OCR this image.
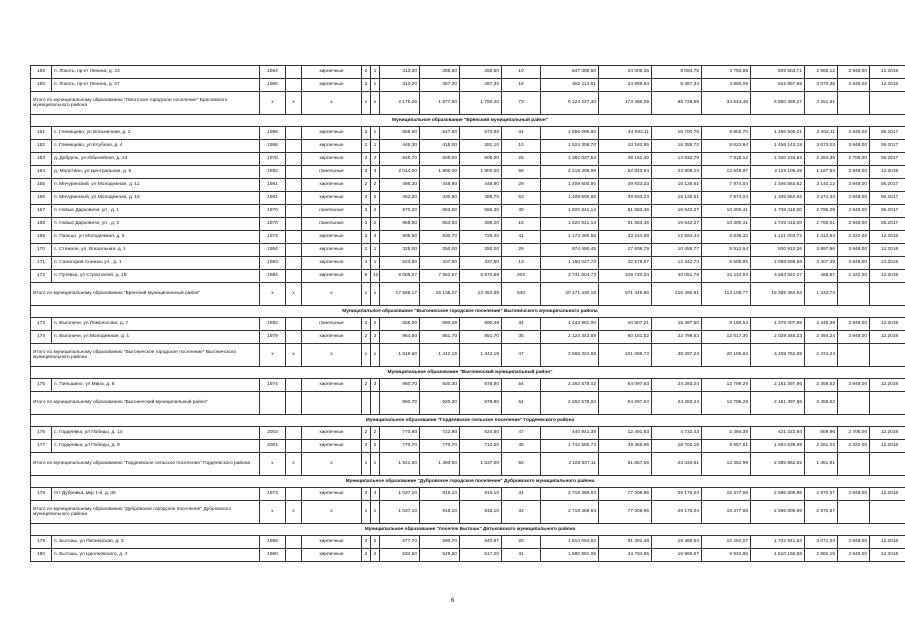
159	п. Локоть, пр-кт Ленина, д. 43	1964		кирпичные	2	1	313,30	285,50	285,50	10	847 398,50	24 006,35	9 094,75	4 793,69	809 503,71	2 968,12	3 948,00	12.2016
160	п. Локоть, пр-кт Ленина, д. 47	1960		кирпичные	2	1	313,00	287,30	287,30	16	882 114,91	24 989,84	9 467,34	4 990,09	842 667,65	3 070,36	3 948,00	12.2016
Итого по муниципальному образованию "Локотское городское поселение" Брасовского муниципального района		x	x	x	x	x	2 175,26	1 877,50	1 750,40	73	6 124 227,40	173 496,09	65 728,59	34 644,45	5 850 358,27	3 261,91		
Муниципальное образование "Брянский муниципальный район"																		
161	с. Глинищево, ул Больничная, д. 2	1966		кирпичные	2	1	659,50	647,80	573,90	34	1 556 086,80	44 083,11	16 700,78	8 802,70	1 486 500,21	2 402,11	3 948,00	06.2017
162	с. Глинищево, ул Клубная, д. 4	1956		кирпичные	2	1	446,30	415,00	281,10	10	1 524 308,70	43 182,85	16 359,72	8 622,94	1 456 143,19	3 673,03	3 948,00	06.2017
163	д. Добрунь, ул Юбилейная, д. 13	1978		кирпичные	2	2	645,70	605,00	605,00	25	1 382 037,53	39 152,40	14 832,79	7 818,12	1 320 234,62	2 284,36	2 706,00	06.2017
164	д. Молотино, ул Центральная, д. 5	1982		панельные	3	3	2 014,00	1 900,00	1 900,00	58	2 218 308,99	62 843,54	23 808,13	12 548,87	2 119 109,45	1 167,53	3 948,00	12.2016
165	п. Мичуринский, ул Молодежная, д. 11	1961		кирпичные	2	2	498,30	448,90	448,90	29	1 409 600,50	39 933,23	15 128,61	7 974,04	1 346 564,62	3 140,12	3 948,00	06.2017
166	п. Мичуринский, ул Молодежная, д. 15	1961		кирпичные	2	2	482,20	430,50	385,70	53	1 409 600,50	39 933,23	15 128,61	7 974,04	1 346 564,62	3 274,33	3 948,00	06.2017
167	п. Новые Дарковичи, ул , д. 1	1970		панельные	3	2	970,20	653,50	556,30	30	1 820 841,14	51 583,46	19 542,27	10 300,41	1 739 415,00	2 786,29	3 948,00	06.2017
168	п. Новые Дарковичи, ул , д. 2	1970		панельные	3	2	969,50	653,80	396,20	15	1 820 841,14	51 583,46	19 542,27	10 300,41	1 739 415,00	2 785,01	3 948,00	06.2017
169	п. Пальцо, ул Молодежная, д. 5	1973		кирпичные	2	3	905,50	830,70	728,40	41	1 173 480,56	33 244,08	12 594,44	6 638,32	1 121 003,72	1 412,64	2 322,00	12.2016
170	с. Стяжное, ул. Вокзальная, д. 1	1954		кирпичные	2	1	325,00	250,00	250,00	29	974 490,45	27 606,79	10 458,77	5 512,64	930 912,26	3 897,96	3 948,00	12.2016
171	п. Санаторий Снежка, ул , д. 1	1983		кирпичные	4	1	623,60	337,50	337,50	13	1 150 027,73	32 579,67	12 342,73	6 505,65	1 098 599,68	3 407,49	3 948,00	12.2016
172	п. Путевка, ул Строителей, д. 15	1984		кирпичные	5	12	9 005,37	7 962,57	6 970,69	202	3 731 604,73	105 720,04	40 051,79	21 110,63	3 564 922,27	468,67	2 322,00	12.2016
Итого по муниципальному образованию "Брянский муниципальный район"		x	x	x	x	x	17 585,17	15 135,27	13 453,69	640	20 171 430,18	571 445,86	216 490,91	114 108,77	19 269 384,64	1 332,74		
Муниципальное образование "Выгоничское городское поселение" Выгоничского муниципального района																		
173	п. Выгоничи, ул Ломоносова, д. 7	1982		панельные	2	2	655,00	590,49	590,49	34	1 443 981,00	40 907,21	15 497,60	8 168,53	1 379 407,66	2 445,39	3 948,00	12.2016
174	п. Выгоничи, ул Молодежная, д. 1	1979		кирпичные	2	3	964,60	851,70	851,70	35	2 124 343,68	60 181,52	22 799,63	12 017,30	2 029 345,23	2 494,24	3 948,00	12.2016
Итого по муниципальному образованию "Выгоничское городское поселение" Выгоничского муниципального района		x	x	x	x	x	1 619,60	1 442,19	1 442,19	47	3 568 324,68	101 088,73	38 297,23	20 185,83	3 408 752,89	2 474,24		
Муниципальное образование "Выгоничский муниципальный район"																		
175	п. Пильшино, ул Мира, д. 8	1974		кирпичные	2	3	960,70	920,30	878,80	54	2 262 578,02	64 097,63	24 283,24	12 799,29	2 161 397,86	2 458,52	3 948,00	12.2016
Итого по муниципальному образованию "Выгоничский муниципальный район"							960,70	920,30	878,80	54	2 262 578,02	64 097,63	24 283,24	12 799,29	2 161 397,86	2 458,52		
Муниципальное образование "Гордеевское сельское поселение" Гордеевского района																		
176	с. Гордеевка, ул Победы, д. 14	2003		кирпичные	2	2	770,90	722,90	624,50	47	440 941,38	12 491,63	4 732,43	2 494,38	421 222,94	609,96	2 706,00	12.2016
177	с. Гордеевка, ул Победы, д. 9	2001		кирпичные	2	2	770,70	770,70	712,50	45	1 742 565,73	49 365,96	18 702,18	9 857,61	1 664 639,98	2 261,02	2 322,00	12.2016
Итого по муниципальному образованию "Гордеевское сельское поселение" Гордеевского района		x	x	x	x	x	1 541,60	1 493,60	1 337,00	92	2 183 507,11	61 857,59	23 434,61	12 351,99	2 085 862,92	1 461,91		
Муниципальное образование "Дубровское городское поселение" Дубровского муниципального района																		
178	пгт Дубровка, мкр 1-й, д. 36	1973		кирпичные	2	3	1 037,10	915,10	915,10	34	2 718 369,64	77 009,96	29 175,04	15 377,68	2 596 806,96	2 970,57	3 948,00	12.2016
Итого по муниципальному образованию "Дубровское городское поселение" Дубровского муниципального района		x	x	x	x	x	1 037,10	915,10	915,10	34	2 718 369,64	77 009,96	29 175,04	15 377,68	2 596 806,96	2 970,57		
Муниципальное образование "поселок Бытошь" Дятьковского муниципального района																		
179	п. Бытошь, ул Пионерская, д. 3	1958		кирпичные	2	2	677,70	590,70	540,97	20	1 814 064,62	51 391,48	19 469,54	10 262,07	1 732 941,53	3 071,04	3 948,00	12.2016
180	п. Бытошь, ул Циолковского, д. 4	1960		кирпичные	2	2	634,50	549,50	517,00	31	1 580 861,05	44 784,95	16 966,67	8 942,85	1 510 166,58	2 882,15	3 948,00	12.2016
6
